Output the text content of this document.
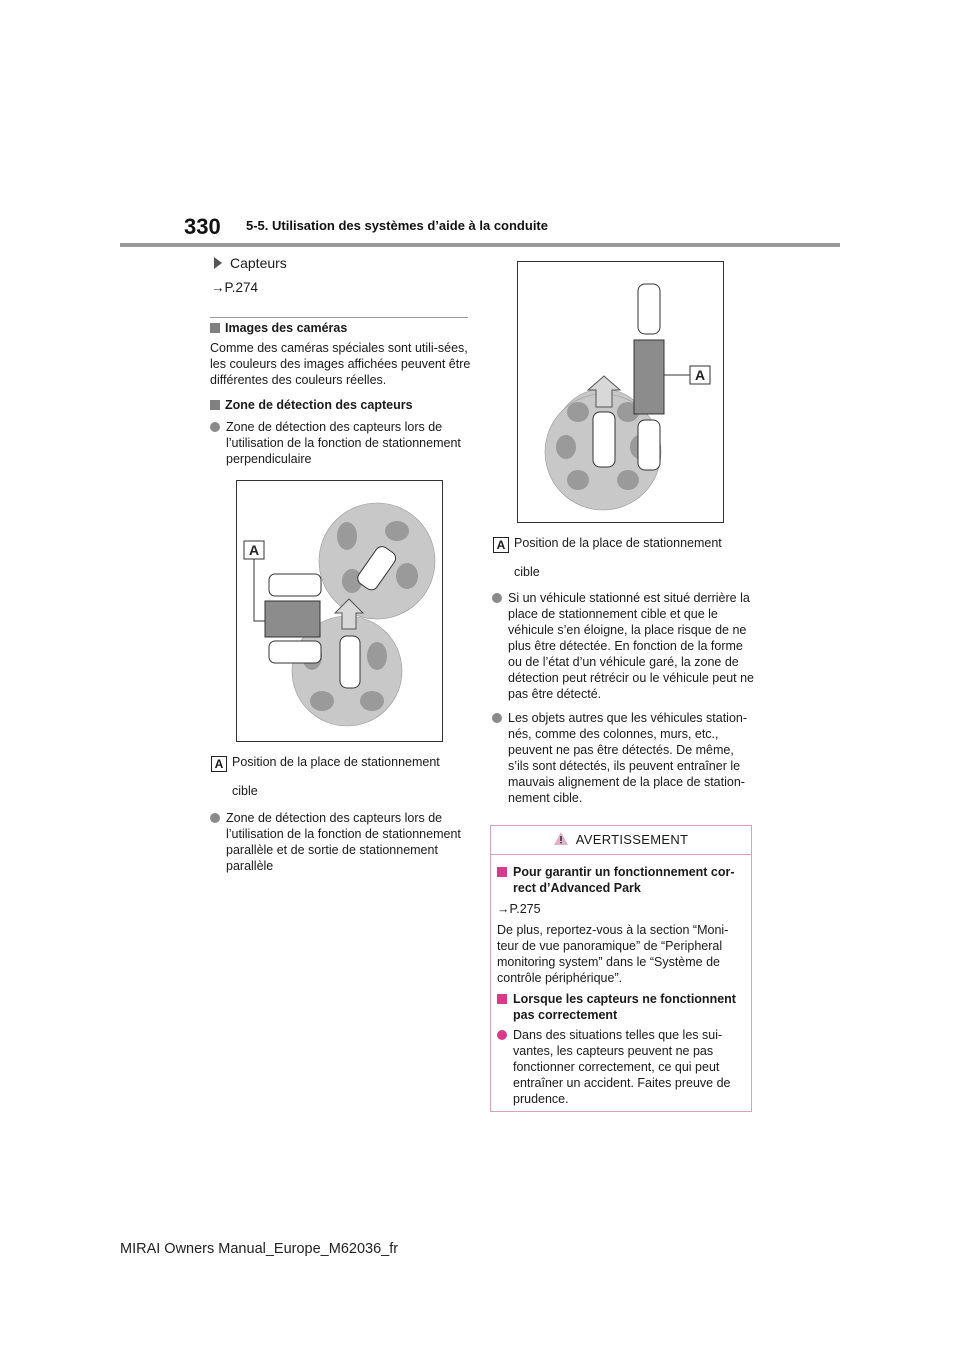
330 5-5. Utilisation des systèmes d’aide à la conduite
Capteurs
→P.274
Images des caméras
Comme des caméras spéciales sont utili-sées, les couleurs des images affichées peuvent être différentes des couleurs réelles.
Zone de détection des capteurs
Zone de détection des capteurs lors de l’utilisation de la fonction de stationnement perpendiculaire
A
A Position de la place de stationnement
cible
Zone de détection des capteurs lors de l’utilisation de la fonction de stationnement parallèle et de sortie de stationnement parallèle
A
A Position de la place de stationnement
cible
Si un véhicule stationné est situé derrière la place de stationnement cible et que le véhicule s’en éloigne, la place risque de ne plus être détectée. En fonction de la forme ou de l’état d’un véhicule garé, la zone de détection peut rétrécir ou le véhicule peut ne pas être détecté.
Les objets autres que les véhicules station-nés, comme des colonnes, murs, etc., peuvent ne pas être détectés. De même, s’ils sont détectés, ils peuvent entraîner le mauvais alignement de la place de station-nement cible.
AVERTISSEMENT
Pour garantir un fonctionnement cor-rect d’Advanced Park
→P.275
De plus, reportez-vous à la section “Moni-teur de vue panoramique” de “Peripheral monitoring system” dans le “Système de contrôle périphérique”.
Lorsque les capteurs ne fonctionnent pas correctement
Dans des situations telles que les sui-vantes, les capteurs peuvent ne pas fonctionner correctement, ce qui peut entraîner un accident. Faites preuve de prudence.
MIRAI Owners Manual_Europe_M62036_fr
